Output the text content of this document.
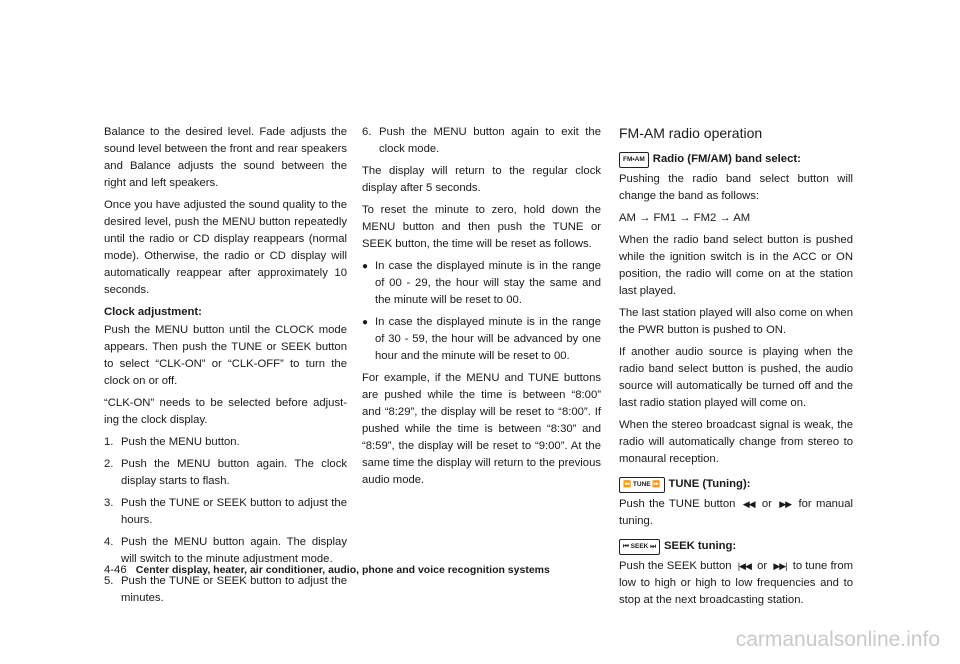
Balance to the desired level. Fade adjusts the sound level between the front and rear speakers and Balance adjusts the sound between the right and left speakers.

Once you have adjusted the sound quality to the desired level, push the MENU button repeatedly until the radio or CD display reappears (normal mode). Otherwise, the radio or CD display will automatically reappear after approximately 10 seconds.

Clock adjustment:

Push the MENU button until the CLOCK mode appears. Then push the TUNE or SEEK button to select “CLK-ON” or “CLK-OFF” to turn the clock on or off.

“CLK-ON” needs to be selected before adjust-ing the clock display.

1. Push the MENU button.
2. Push the MENU button again. The clock display starts to flash.
3. Push the TUNE or SEEK button to adjust the hours.
4. Push the MENU button again. The display will switch to the minute adjustment mode.
5. Push the TUNE or SEEK button to adjust the minutes.
6. Push the MENU button again to exit the clock mode.

The display will return to the regular clock display after 5 seconds.

To reset the minute to zero, hold down the MENU button and then push the TUNE or SEEK button, the time will be reset as follows.

● In case the displayed minute is in the range of 00 - 29, the hour will stay the same and the minute will be reset to 00.
● In case the displayed minute is in the range of 30 - 59, the hour will be advanced by one hour and the minute will be reset to 00.

For example, if the MENU and TUNE buttons are pushed while the time is between “8:00” and “8:29”, the display will be reset to “8:00”. If pushed while the time is between “8:30” and “8:59”, the display will be reset to “9:00”. At the same time the display will return to the previous audio mode.

FM-AM radio operation
FM•AM Radio (FM/AM) band select:

Pushing the radio band select button will change the band as follows:

AM → FM1 → FM2 → AM

When the radio band select button is pushed while the ignition switch is in the ACC or ON position, the radio will come on at the station last played.

The last station played will also come on when the PWR button is pushed to ON.

If another audio source is playing when the radio band select button is pushed, the audio source will automatically be turned off and the last radio station played will come on.

When the stereo broadcast signal is weak, the radio will automatically change from stereo to monaural reception.

⏪ TUNE ⏩ TUNE (Tuning):

Push the TUNE button ◀◀ or ▶▶ for manual tuning.

⏮ SEEK ⏭ SEEK tuning:

Push the SEEK button |◀◀ or ▶▶| to tune from low to high or high to low frequencies and to stop at the next broadcasting station.

4-46 Center display, heater, air conditioner, audio, phone and voice recognition systems
carmanualsonline.info
